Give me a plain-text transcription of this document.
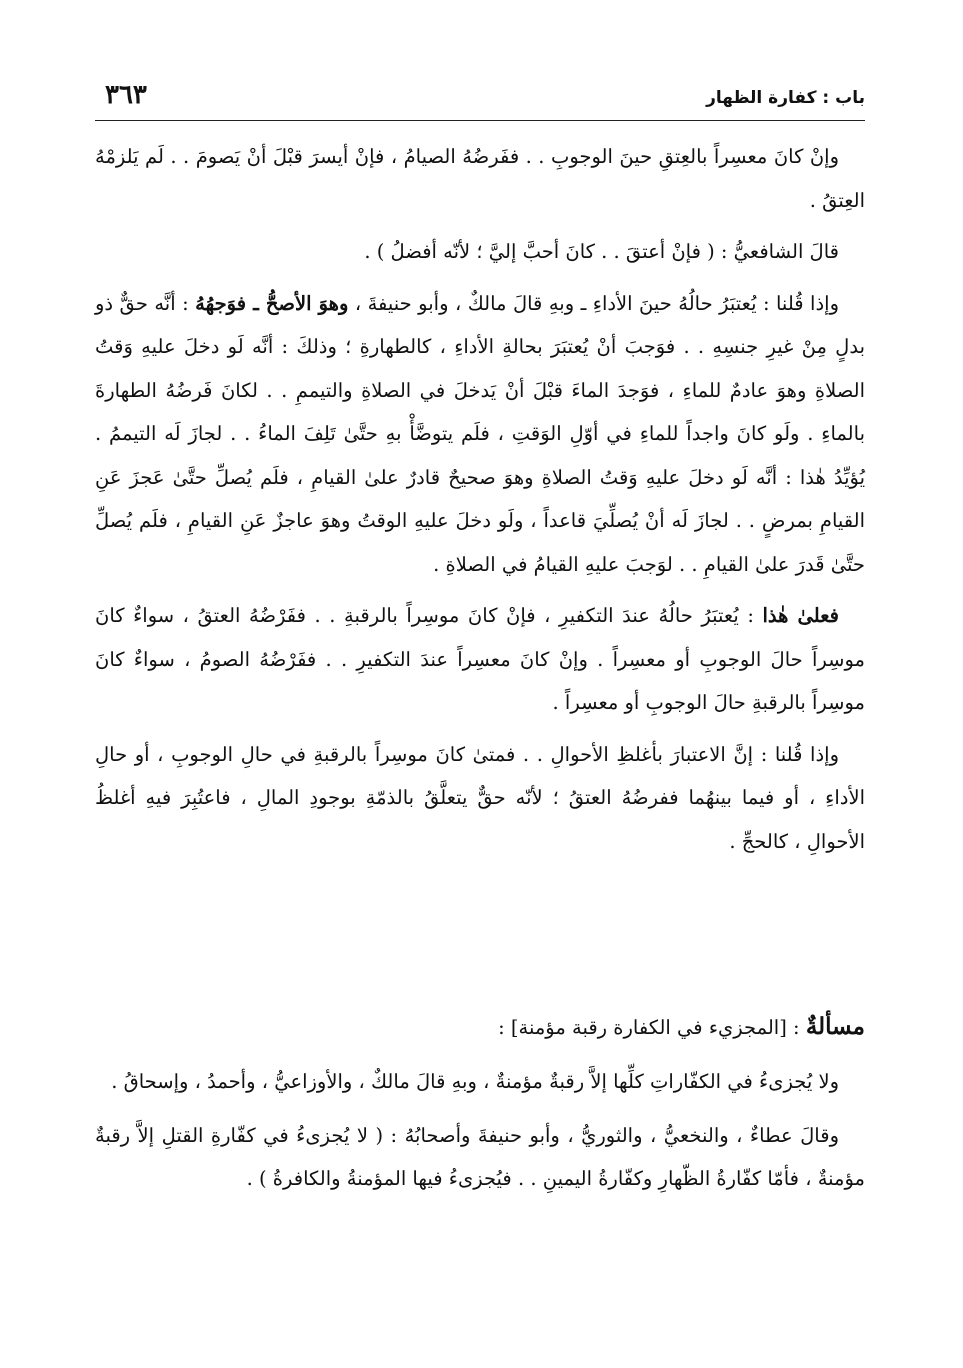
٣٦٣	باب : كفارة الظهار

وإنْ كانَ معسِراً بالعِتقِ حينَ الوجوبِ . . ففَرضُهُ الصيامُ ، فإنْ أيسرَ قبْلَ أنْ يَصومَ . . لَم يَلزمْهُ العِتقُ .

قالَ الشافعيُّ : ( فإنْ أعتقَ . . كانَ أحبَّ إليَّ ؛ لأنّه أفضلُ ) .

وإذا قُلنا : يُعتبَرُ حالُهُ حينَ الأداءِ ـ وبهِ قالَ مالكٌ ، وأبو حنيفةَ ، وهوَ الأصحُّ ـ فوَجهُهُ : أنَّه حقٌّ ذو بدلٍ مِنْ غيرِ جنسِهِ . . فوَجبَ أنْ يُعتبَرَ بحالةِ الأداءِ ، كالطهارةِ ؛ وذلكَ : أنَّه لَو دخلَ عليهِ وَقتُ الصلاةِ وهوَ عادمٌ للماءِ ، فوَجدَ الماءَ قبْلَ أنْ يَدخلَ في الصلاةِ والتيممِ . . لكانَ فَرضُهُ الطهارةَ بالماءِ . ولَو كانَ واجداً للماءِ في أوّلِ الوَقتِ ، فلَم يتوضَّأْ بهِ حتَّىٰ تَلِفَ الماءُ . . لجازَ لَه التيممُ . يُؤيِّدُ هٰذا : أنَّه لَو دخلَ عليهِ وَقتُ الصلاةِ وهوَ صحيحٌ قادرٌ علىٰ القيامِ ، فلَم يُصلِّ حتَّىٰ عَجزَ عَنِ القيامِ بمرضٍ . . لجازَ لَه أنْ يُصلِّيَ قاعداً ، ولَو دخلَ عليهِ الوقتُ وهوَ عاجزٌ عَنِ القيامِ ، فلَم يُصلِّ حتَّىٰ قَدرَ علىٰ القيامِ . . لوَجبَ عليهِ القيامُ في الصلاةِ .

فعلىٰ هٰذا : يُعتبَرُ حالُهُ عندَ التكفيرِ ، فإنْ كانَ موسِراً بالرقبةِ . . ففَرْضُهُ العتقُ ، سواءٌ كانَ موسِراً حالَ الوجوبِ أو معسِراً . وإنْ كانَ معسِراً عندَ التكفيرِ . . ففَرْضُهُ الصومُ ، سواءٌ كانَ موسِراً بالرقبةِ حالَ الوجوبِ أو معسِراً .

وإذا قُلنا : إنَّ الاعتبارَ بأغلظِ الأحوالِ . . فمتىٰ كانَ موسِراً بالرقبةِ في حالِ الوجوبِ ، أو حالِ الأداءِ ، أو فيما بينهُما ففرضُهُ العتقُ ؛ لأنّه حقٌّ يتعلَّقُ بالذمّةِ بوجودِ المالِ ، فاعتُبِرَ فيهِ أغلظُ الأحوالِ ، كالحجِّ .

مسألةٌ : [المجزيء في الكفارة رقبة مؤمنة] :

ولا يُجزىءُ في الكفّاراتِ كلِّها إلاَّ رقبةٌ مؤمنةٌ ، وبهِ قالَ مالكٌ ، والأوزاعيُّ ، وأحمدُ ، وإسحاقُ .

وقالَ عطاءٌ ، والنخعيُّ ، والثوريُّ ، وأبو حنيفةَ وأصحابُهُ : ( لا يُجزىءُ في كفّارةِ القتلِ إلاَّ رقبةٌ مؤمنةٌ ، فأمّا كفّارةُ الظّهارِ وكفّارةُ اليمينِ . . فيُجزىءُ فيها المؤمنةُ والكافرةُ ) .
